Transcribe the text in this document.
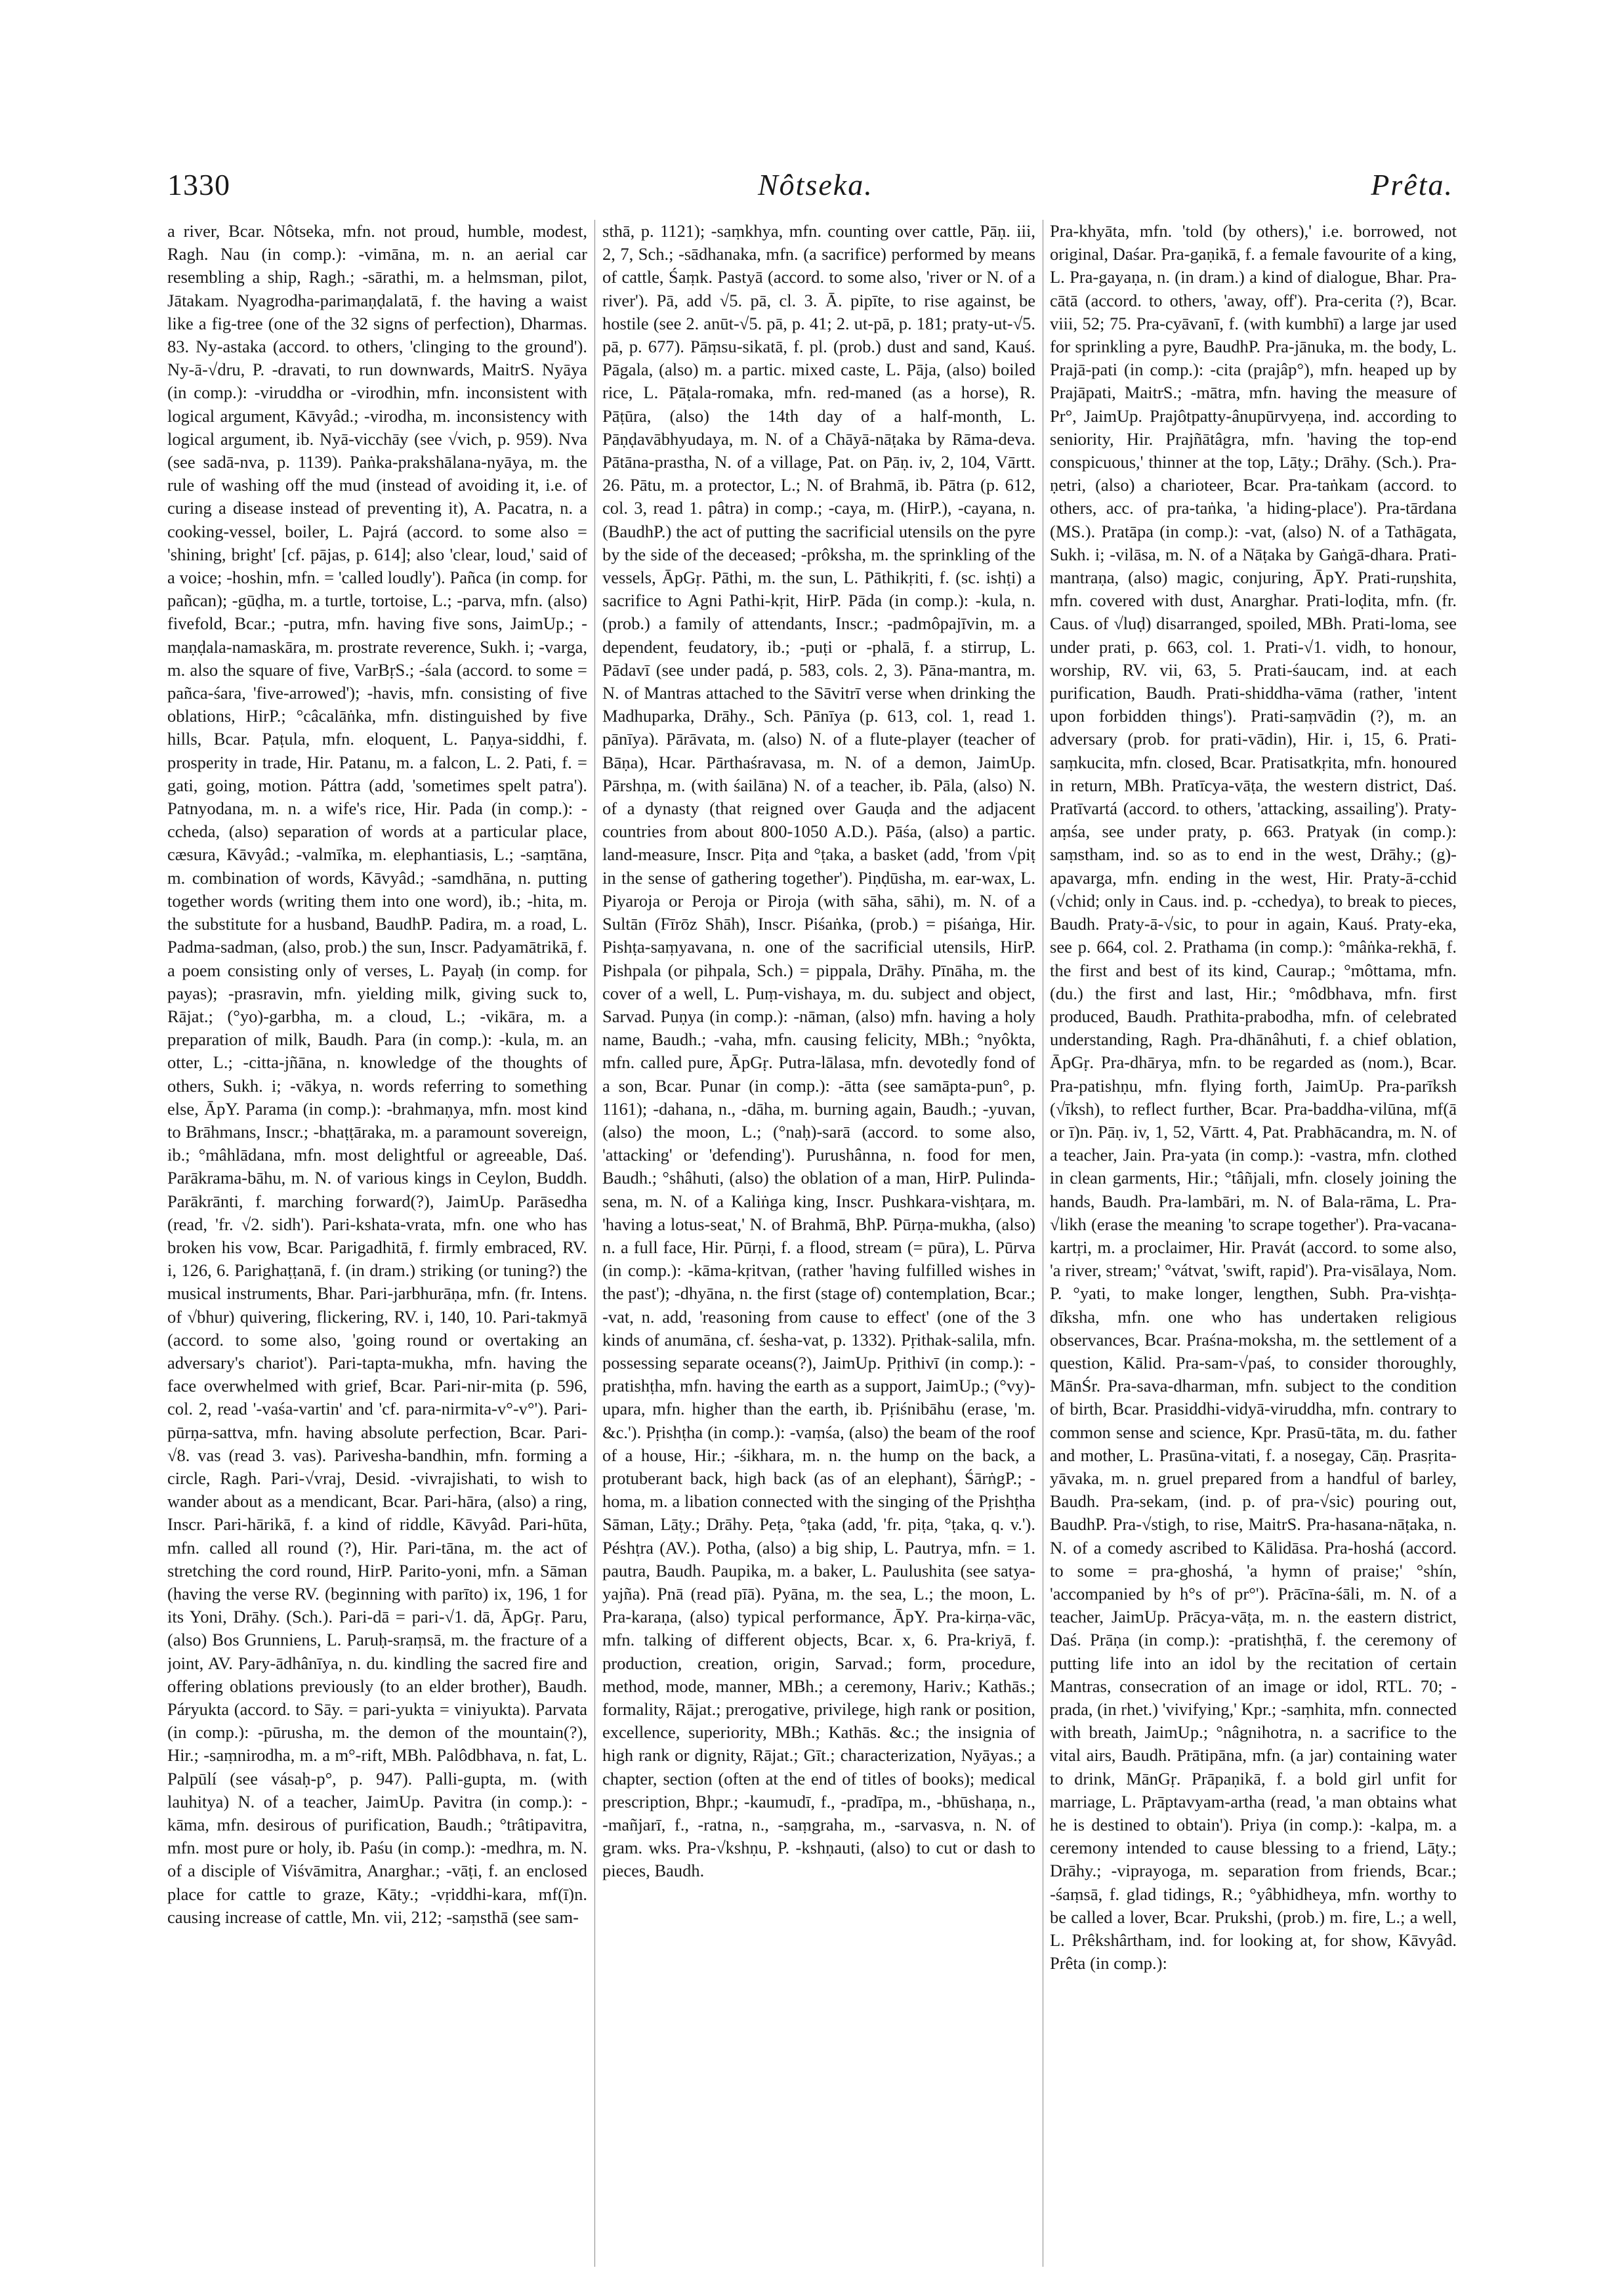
1330	Nôtseka.	Prêta.

a river, Bcar. Nôtseka, mfn. not proud, humble, modest, Ragh. Nau (in comp.): -vimāna, m. n. an aerial car resembling a ship, Ragh.; -sārathi, m. a helmsman, pilot, Jātakam. Nyagrodha-parimaṇḍalatā, f. the having a waist like a fig-tree (one of the 32 signs of perfection), Dharmas. 83. Ny-astaka (accord. to others, 'clinging to the ground'). Ny-ā-√dru, P. -dravati, to run downwards, MaitrS. Nyāya (in comp.): -viruddha or -virodhin, mfn. inconsistent with logical argument, Kāvyâd.; -virodha, m. inconsistency with logical argument, ib. Nyā-vicchāy (see √vich, p. 959). Nva (see sadā-nva, p. 1139). Paṅka-prakshālana-nyāya, m. the rule of washing off the mud (instead of avoiding it, i.e. of curing a disease instead of preventing it), A. Pacatra, n. a cooking-vessel, boiler, L. Pajrá (accord. to some also = 'shining, bright' [cf. pājas, p. 614]; also 'clear, loud,' said of a voice; -hoshin, mfn. = 'called loudly'). Pañca (in comp. for pañcan); -gūḍha, m. a turtle, tortoise, L.; -parva, mfn. (also) fivefold, Bcar.; -putra, mfn. having five sons, JaimUp.; -maṇḍala-namaskāra, m. prostrate reverence, Sukh. i; -varga, m. also the square of five, VarBṛS.; -śala (accord. to some = pañca-śara, 'five-arrowed'); -havis, mfn. consisting of five oblations, HirP.; °câcalāṅka, mfn. distinguished by five hills, Bcar. Paṭula, mfn. eloquent, L. Paṇya-siddhi, f. prosperity in trade, Hir. Patanu, m. a falcon, L. 2. Pati, f. = gati, going, motion. Páttra (add, 'sometimes spelt patra'). Patnyodana, m. n. a wife's rice, Hir. Pada (in comp.): -ccheda, (also) separation of words at a particular place, cæsura, Kāvyâd.; -valmīka, m. elephantiasis, L.; -saṃtāna, m. combination of words, Kāvyâd.; -samdhāna, n. putting together words (writing them into one word), ib.; -hita, m. the substitute for a husband, BaudhP. Padira, m. a road, L. Padma-sadman, (also, prob.) the sun, Inscr. Padyamātrikā, f. a poem consisting only of verses, L. Payaḥ (in comp. for payas); -prasravin, mfn. yielding milk, giving suck to, Rājat.; (°yo)-garbha, m. a cloud, L.; -vikāra, m. a preparation of milk, Baudh. Para (in comp.): -kula, m. an otter, L.; -citta-jñāna, n. knowledge of the thoughts of others, Sukh. i; -vākya, n. words referring to something else, ĀpY. Parama (in comp.): -brahmaṇya, mfn. most kind to Brāhmans, Inscr.; -bhaṭṭāraka, m. a paramount sovereign, ib.; °mâhlādana, mfn. most delightful or agreeable, Daś. Parākrama-bāhu, m. N. of various kings in Ceylon, Buddh. Parākrānti, f. marching forward(?), JaimUp. Parāsedha (read, 'fr. √2. sidh'). Pari-kshata-vrata, mfn. one who has broken his vow, Bcar. Parigadhitā, f. firmly embraced, RV. i, 126, 6. Parighaṭṭanā, f. (in dram.) striking (or tuning?) the musical instruments, Bhar. Pari-jarbhurāṇa, mfn. (fr. Intens. of √bhur) quivering, flickering, RV. i, 140, 10. Pari-takmyā (accord. to some also, 'going round or overtaking an adversary's chariot'). Pari-tapta-mukha, mfn. having the face overwhelmed with grief, Bcar. Pari-nir-mita (p. 596, col. 2, read '-vaśa-vartin' and 'cf. para-nirmita-v°-v°'). Pari-pūrṇa-sattva, mfn. having absolute perfection, Bcar. Pari-√8. vas (read 3. vas). Parivesha-bandhin, mfn. forming a circle, Ragh. Pari-√vraj, Desid. -vivrajishati, to wish to wander about as a mendicant, Bcar. Pari-hāra, (also) a ring, Inscr. Pari-hārikā, f. a kind of riddle, Kāvyâd. Pari-hūta, mfn. called all round (?), Hir. Pari-tāna, m. the act of stretching the cord round, HirP. Parito-yoni, mfn. a Sāman (having the verse RV. (beginning with parīto) ix, 196, 1 for its Yoni, Drāhy. (Sch.). Pari-dā = pari-√1. dā, ĀpGṛ. Paru, (also) Bos Grunniens, L. Paruḥ-sraṃsā, m. the fracture of a joint, AV. Pary-ādhânīya, n. du. kindling the sacred fire and offering oblations previously (to an elder brother), Baudh. Páryukta (accord. to Sāy. = pari-yukta = viniyukta). Parvata (in comp.): -pūrusha, m. the demon of the mountain(?), Hir.; -saṃnirodha, m. a m°-rift, MBh. Palôdbhava, n. fat, L. Palpūlí (see vásaḥ-p°, p. 947). Palli-gupta, m. (with lauhitya) N. of a teacher, JaimUp. Pavitra (in comp.): -kāma, mfn. desirous of purification, Baudh.; °trâtipavitra, mfn. most pure or holy, ib. Paśu (in comp.): -medhra, m. N. of a disciple of Viśvāmitra, Anarghar.; -vāṭi, f. an enclosed place for cattle to graze, Kāty.; -vṛiddhi-kara, mf(ī)n. causing increase of cattle, Mn. vii, 212; -saṃsthā (see sam-

sthā, p. 1121); -saṃkhya, mfn. counting over cattle, Pāṇ. iii, 2, 7, Sch.; -sādhanaka, mfn. (a sacrifice) performed by means of cattle, Śaṃk. Pastyā (accord. to some also, 'river or N. of a river'). Pā, add √5. pā, cl. 3. Ā. pipīte, to rise against, be hostile (see 2. anūt-√5. pā, p. 41; 2. ut-pā, p. 181; praty-ut-√5. pā, p. 677). Pāṃsu-sikatā, f. pl. (prob.) dust and sand, Kauś. Pāgala, (also) m. a partic. mixed caste, L. Pāja, (also) boiled rice, L. Pāṭala-romaka, mfn. red-maned (as a horse), R. Pāṭūra, (also) the 14th day of a half-month, L. Pāṇḍavābhyudaya, m. N. of a Chāyā-nāṭaka by Rāma-deva. Pātāna-prastha, N. of a village, Pat. on Pāṇ. iv, 2, 104, Vārtt. 26. Pātu, m. a protector, L.; N. of Brahmā, ib. Pātra (p. 612, col. 3, read 1. pâtra) in comp.; -caya, m. (HirP.), -cayana, n. (BaudhP.) the act of putting the sacrificial utensils on the pyre by the side of the deceased; -prôksha, m. the sprinkling of the vessels, ĀpGṛ. Pāthi, m. the sun, L. Pāthikṛiti, f. (sc. ishṭi) a sacrifice to Agni Pathi-kṛit, HirP. Pāda (in comp.): -kula, n. (prob.) a family of attendants, Inscr.; -padmôpajīvin, m. a dependent, feudatory, ib.; -puṭi or -phalā, f. a stirrup, L. Pādavī (see under padá, p. 583, cols. 2, 3). Pāna-mantra, m. N. of Mantras attached to the Sāvitrī verse when drinking the Madhuparka, Drāhy., Sch. Pānīya (p. 613, col. 1, read 1. pānīya). Pārāvata, m. (also) N. of a flute-player (teacher of Bāṇa), Hcar. Pārthaśravasa, m. N. of a demon, JaimUp. Pārshṇa, m. (with śailāna) N. of a teacher, ib. Pāla, (also) N. of a dynasty (that reigned over Gauḍa and the adjacent countries from about 800-1050 A.D.). Pāśa, (also) a partic. land-measure, Inscr. Piṭa and °ṭaka, a basket (add, 'from √piṭ in the sense of gathering together'). Piṇḍūsha, m. ear-wax, L. Piyaroja or Peroja or Piroja (with sāha, sāhi), m. N. of a Sultān (Fīrōz Shāh), Inscr. Piśaṅka, (prob.) = piśaṅga, Hir. Pishṭa-saṃyavana, n. one of the sacrificial utensils, HirP. Pishpala (or pihpala, Sch.) = pippala, Drāhy. Pīnāha, m. the cover of a well, L. Puṃ-vishaya, m. du. subject and object, Sarvad. Puṇya (in comp.): -nāman, (also) mfn. having a holy name, Baudh.; -vaha, mfn. causing felicity, MBh.; °nyôkta, mfn. called pure, ĀpGṛ. Putra-lālasa, mfn. devotedly fond of a son, Bcar. Punar (in comp.): -ātta (see samāpta-pun°, p. 1161); -dahana, n., -dāha, m. burning again, Baudh.; -yuvan, (also) the moon, L.; (°naḥ)-sarā (accord. to some also, 'attacking' or 'defending'). Purushânna, n. food for men, Baudh.; °shâhuti, (also) the oblation of a man, HirP. Pulinda-sena, m. N. of a Kaliṅga king, Inscr. Pushkara-vishṭara, m. 'having a lotus-seat,' N. of Brahmā, BhP. Pūrṇa-mukha, (also) n. a full face, Hir. Pūrṇi, f. a flood, stream (= pūra), L. Pūrva (in comp.): -kāma-kṛitvan, (rather 'having fulfilled wishes in the past'); -dhyāna, n. the first (stage of) contemplation, Bcar.; -vat, n. add, 'reasoning from cause to effect' (one of the 3 kinds of anumāna, cf. śesha-vat, p. 1332). Pṛithak-salila, mfn. possessing separate oceans(?), JaimUp. Pṛithivī (in comp.): -pratishṭha, mfn. having the earth as a support, JaimUp.; (°vy)-upara, mfn. higher than the earth, ib. Pṛiśnibāhu (erase, 'm. &c.'). Pṛishṭha (in comp.): -vaṃśa, (also) the beam of the roof of a house, Hir.; -śikhara, m. n. the hump on the back, a protuberant back, high back (as of an elephant), ŚārṅgP.; -homa, m. a libation connected with the singing of the Pṛishṭha Sāman, Lāṭy.; Drāhy. Peṭa, °ṭaka (add, 'fr. piṭa, °ṭaka, q. v.'). Péshṭra (AV.). Potha, (also) a big ship, L. Pautrya, mfn. = 1. pautra, Baudh. Paupika, m. a baker, L. Paulushita (see satya-yajña). Pnā (read pīā). Pyāna, m. the sea, L.; the moon, L. Pra-karaṇa, (also) typical performance, ĀpY. Pra-kirṇa-vāc, mfn. talking of different objects, Bcar. x, 6. Pra-kriyā, f. production, creation, origin, Sarvad.; form, procedure, method, mode, manner, MBh.; a ceremony, Hariv.; Kathās.; formality, Rājat.; prerogative, privilege, high rank or position, excellence, superiority, MBh.; Kathās. &c.; the insignia of high rank or dignity, Rājat.; Gīt.; characterization, Nyāyas.; a chapter, section (often at the end of titles of books); medical prescription, Bhpr.; -kaumudī, f., -pradīpa, m., -bhūshaṇa, n., -mañjarī, f., -ratna, n., -saṃgraha, m., -sarvasva, n. N. of gram. wks. Pra-√kshṇu, P. -kshṇauti, (also) to cut or dash to pieces, Baudh.

Pra-khyāta, mfn. 'told (by others),' i.e. borrowed, not original, Daśar. Pra-gaṇikā, f. a female favourite of a king, L. Pra-gayaṇa, n. (in dram.) a kind of dialogue, Bhar. Pra-cātā (accord. to others, 'away, off'). Pra-cerita (?), Bcar. viii, 52; 75. Pra-cyāvanī, f. (with kumbhī) a large jar used for sprinkling a pyre, BaudhP. Pra-jānuka, m. the body, L. Prajā-pati (in comp.): -cita (prajâp°), mfn. heaped up by Prajāpati, MaitrS.; -mātra, mfn. having the measure of Pr°, JaimUp. Prajôtpatty-ânupūrvyeṇa, ind. according to seniority, Hir. Prajñātâgra, mfn. 'having the top-end conspicuous,' thinner at the top, Lāṭy.; Drāhy. (Sch.). Pra-ṇetri, (also) a charioteer, Bcar. Pra-taṅkam (accord. to others, acc. of pra-taṅka, 'a hiding-place'). Pra-tārdana (MS.). Pratāpa (in comp.): -vat, (also) N. of a Tathāgata, Sukh. i; -vilāsa, m. N. of a Nāṭaka by Gaṅgā-dhara. Prati-mantraṇa, (also) magic, conjuring, ĀpY. Prati-ruṇshita, mfn. covered with dust, Anarghar. Prati-loḍita, mfn. (fr. Caus. of √luḍ) disarranged, spoiled, MBh. Prati-loma, see under prati, p. 663, col. 1. Prati-√1. vidh, to honour, worship, RV. vii, 63, 5. Prati-śaucam, ind. at each purification, Baudh. Prati-shiddha-vāma (rather, 'intent upon forbidden things'). Prati-saṃvādin (?), m. an adversary (prob. for prati-vādin), Hir. i, 15, 6. Prati-saṃkucita, mfn. closed, Bcar. Pratisatkṛita, mfn. honoured in return, MBh. Pratīcya-vāṭa, the western district, Daś. Pratīvartá (accord. to others, 'attacking, assailing'). Praty-aṃśa, see under praty, p. 663. Pratyak (in comp.): saṃstham, ind. so as to end in the west, Drāhy.; (g)-apavarga, mfn. ending in the west, Hir. Praty-ā-cchid (√chid; only in Caus. ind. p. -cchedya), to break to pieces, Baudh. Praty-ā-√sic, to pour in again, Kauś. Praty-eka, see p. 664, col. 2. Prathama (in comp.): °mâṅka-rekhā, f. the first and best of its kind, Caurap.; °môttama, mfn. (du.) the first and last, Hir.; °môdbhava, mfn. first produced, Baudh. Prathita-prabodha, mfn. of celebrated understanding, Ragh. Pra-dhānâhuti, f. a chief oblation, ĀpGṛ. Pra-dhārya, mfn. to be regarded as (nom.), Bcar. Pra-patishṇu, mfn. flying forth, JaimUp. Pra-parīksh (√īksh), to reflect further, Bcar. Pra-baddha-vilūna, mf(ā or ī)n. Pāṇ. iv, 1, 52, Vārtt. 4, Pat. Prabhācandra, m. N. of a teacher, Jain. Pra-yata (in comp.): -vastra, mfn. clothed in clean garments, Hir.; °tâñjali, mfn. closely joining the hands, Baudh. Pra-lambāri, m. N. of Bala-rāma, L. Pra-√likh (erase the meaning 'to scrape together'). Pra-vacana-kartṛi, m. a proclaimer, Hir. Pravát (accord. to some also, 'a river, stream;' °vátvat, 'swift, rapid'). Pra-visālaya, Nom. P. °yati, to make longer, lengthen, Subh. Pra-vishṭa-dīksha, mfn. one who has undertaken religious observances, Bcar. Praśna-moksha, m. the settlement of a question, Kālid. Pra-sam-√paś, to consider thoroughly, MānŚr. Pra-sava-dharman, mfn. subject to the condition of birth, Bcar. Prasiddhi-vidyā-viruddha, mfn. contrary to common sense and science, Kpr. Prasū-tāta, m. du. father and mother, L. Prasūna-vitati, f. a nosegay, Cāṇ. Prasṛita-yāvaka, m. n. gruel prepared from a handful of barley, Baudh. Pra-sekam, (ind. p. of pra-√sic) pouring out, BaudhP. Pra-√stigh, to rise, MaitrS. Pra-hasana-nāṭaka, n. N. of a comedy ascribed to Kālidāsa. Pra-hoshá (accord. to some = pra-ghoshá, 'a hymn of praise;' °shín, 'accompanied by h°s of pr°'). Prācīna-śāli, m. N. of a teacher, JaimUp. Prācya-vāṭa, m. n. the eastern district, Daś. Prāṇa (in comp.): -pratishṭhā, f. the ceremony of putting life into an idol by the recitation of certain Mantras, consecration of an image or idol, RTL. 70; -prada, (in rhet.) 'vivifying,' Kpr.; -saṃhita, mfn. connected with breath, JaimUp.; °nâgnihotra, n. a sacrifice to the vital airs, Baudh. Prātipāna, mfn. (a jar) containing water to drink, MānGṛ. Prāpaṇikā, f. a bold girl unfit for marriage, L. Prāptavyam-artha (read, 'a man obtains what he is destined to obtain'). Priya (in comp.): -kalpa, m. a ceremony intended to cause blessing to a friend, Lāṭy.; Drāhy.; -viprayoga, m. separation from friends, Bcar.; -śaṃsā, f. glad tidings, R.; °yâbhidheya, mfn. worthy to be called a lover, Bcar. Prukshi, (prob.) m. fire, L.; a well, L. Prêkshârtham, ind. for looking at, for show, Kāvyâd. Prêta (in comp.):
